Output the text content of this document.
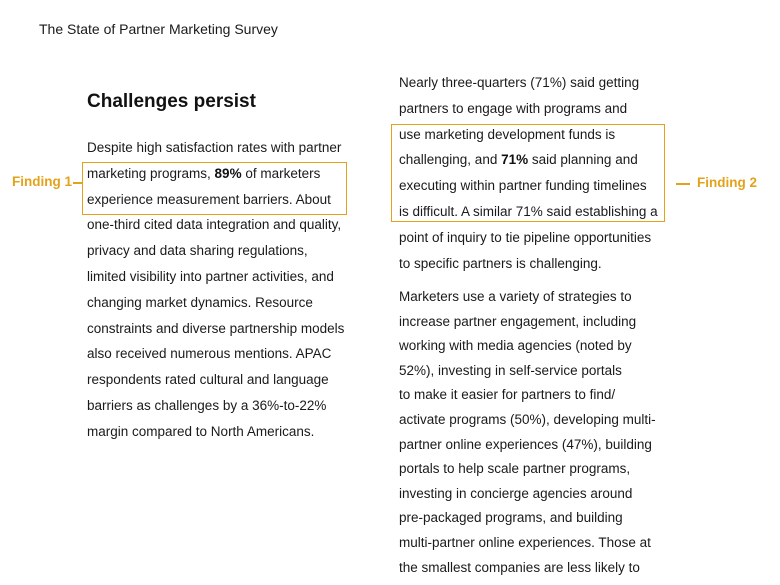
The State of Partner Marketing Survey
Challenges persist
Despite high satisfaction rates with partner
marketing programs, 89% of marketers
experience measurement barriers. About
one-third cited data integration and quality,
privacy and data sharing regulations,
limited visibility into partner activities, and
changing market dynamics. Resource
constraints and diverse partnership models
also received numerous mentions. APAC
respondents rated cultural and language
barriers as challenges by a 36%-to-22%
margin compared to North Americans.
Nearly three-quarters (71%) said getting
partners to engage with programs and
use marketing development funds is
challenging, and 71% said planning and
executing within partner funding timelines
is difficult. A similar 71% said establishing a
point of inquiry to tie pipeline opportunities
to specific partners is challenging.
Marketers use a variety of strategies to
increase partner engagement, including
working with media agencies (noted by
52%), investing in self-service portals
to make it easier for partners to find/
activate programs (50%), developing multi-
partner online experiences (47%), building
portals to help scale partner programs,
investing in concierge agencies around
pre-packaged programs, and building
multi-partner online experiences. Those at
the smallest companies are less likely to
Finding 1	Finding 2
